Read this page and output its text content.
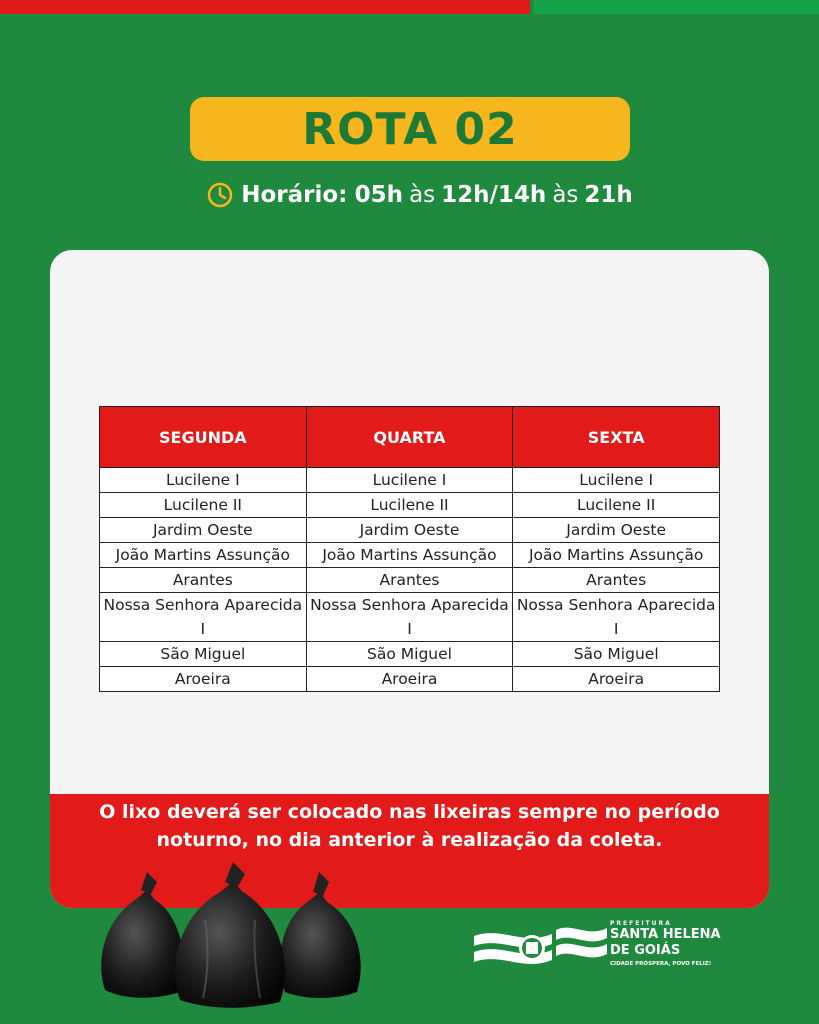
ROTA 02
Horário:
05h às 12h/14h às 21h
SEGUNDA	QUARTA	SEXTA
Lucilene I	Lucilene I	Lucilene I
Lucilene II	Lucilene II	Lucilene II
Jardim Oeste	Jardim Oeste	Jardim Oeste
João Martins Assunção	João Martins Assunção	João Martins Assunção
Arantes	Arantes	Arantes
Nossa Senhora Aparecida I	Nossa Senhora Aparecida I	Nossa Senhora Aparecida I
São Miguel	São Miguel	São Miguel
Aroeira	Aroeira	Aroeira

O lixo deverá ser colocado nas lixeiras sempre no período noturno, no dia anterior à realização da coleta.

PREFEITURA
SANTA HELENA
DE GOIÁS
CIDADE PRÓSPERA, POVO FELIZ!
